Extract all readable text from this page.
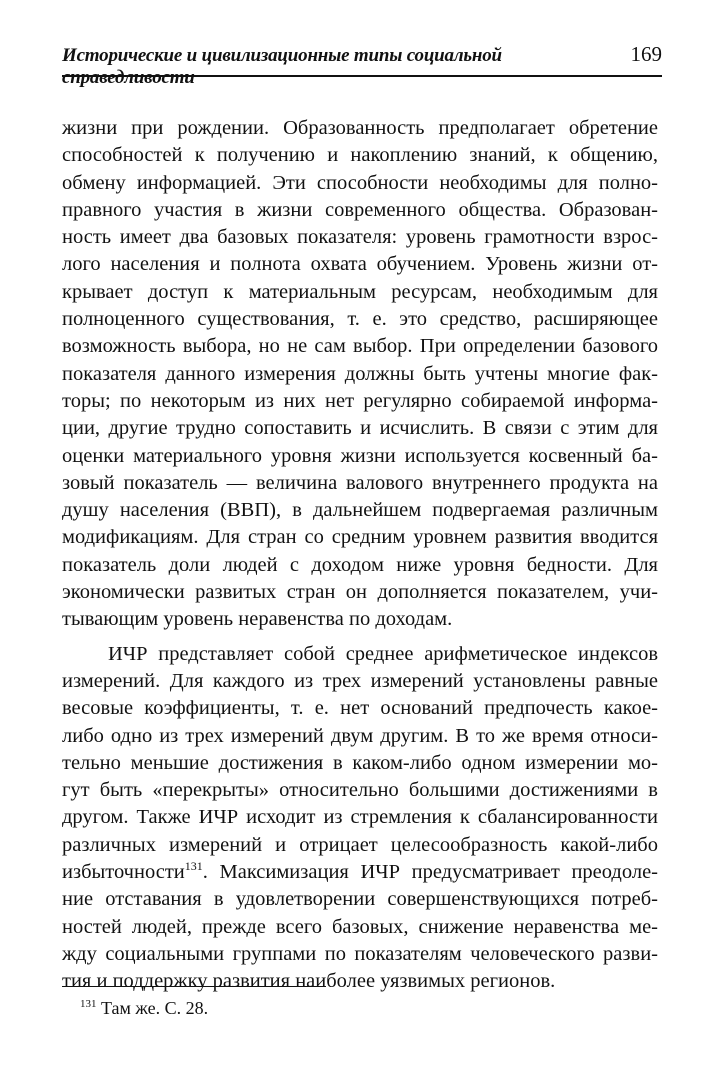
Исторические и цивилизационные типы социальной справедливости
169
жизни при рождении. Образованность предполагает обретение
способностей к получению и накоплению знаний, к общению,
обмену информацией. Эти способности необходимы для полно-
правного участия в жизни современного общества. Образован-
ность имеет два базовых показателя: уровень грамотности взрос-
лого населения и полнота охвата обучением. Уровень жизни от-
крывает доступ к материальным ресурсам, необходимым для
полноценного существования, т. е. это средство, расширяющее
возможность выбора, но не сам выбор. При определении базового
показателя данного измерения должны быть учтены многие фак-
торы; по некоторым из них нет регулярно собираемой информа-
ции, другие трудно сопоставить и исчислить. В связи с этим для
оценки материального уровня жизни используется косвенный ба-
зовый показатель — величина валового внутреннего продукта на
душу населения (ВВП), в дальнейшем подвергаемая различным
модификациям. Для стран со средним уровнем развития вводится
показатель доли людей с доходом ниже уровня бедности. Для
экономически развитых стран он дополняется показателем, учи-
тывающим уровень неравенства по доходам.
ИЧР представляет собой среднее арифметическое индексов
измерений. Для каждого из трех измерений установлены равные
весовые коэффициенты, т. е. нет оснований предпочесть какое-
либо одно из трех измерений двум другим. В то же время относи-
тельно меньшие достижения в каком-либо одном измерении мо-
гут быть «перекрыты» относительно большими достижениями в
другом. Также ИЧР исходит из стремления к сбалансированности
различных измерений и отрицает целесообразность какой-либо
избыточности$^{131}$. Максимизация ИЧР предусматривает преодоле-
ние отставания в удовлетворении совершенствующихся потреб-
ностей людей, прежде всего базовых, снижение неравенства ме-
жду социальными группами по показателям человеческого разви-
тия и поддержку развития наиболее уязвимых регионов.
$^{131}$ Там же. С. 28.
